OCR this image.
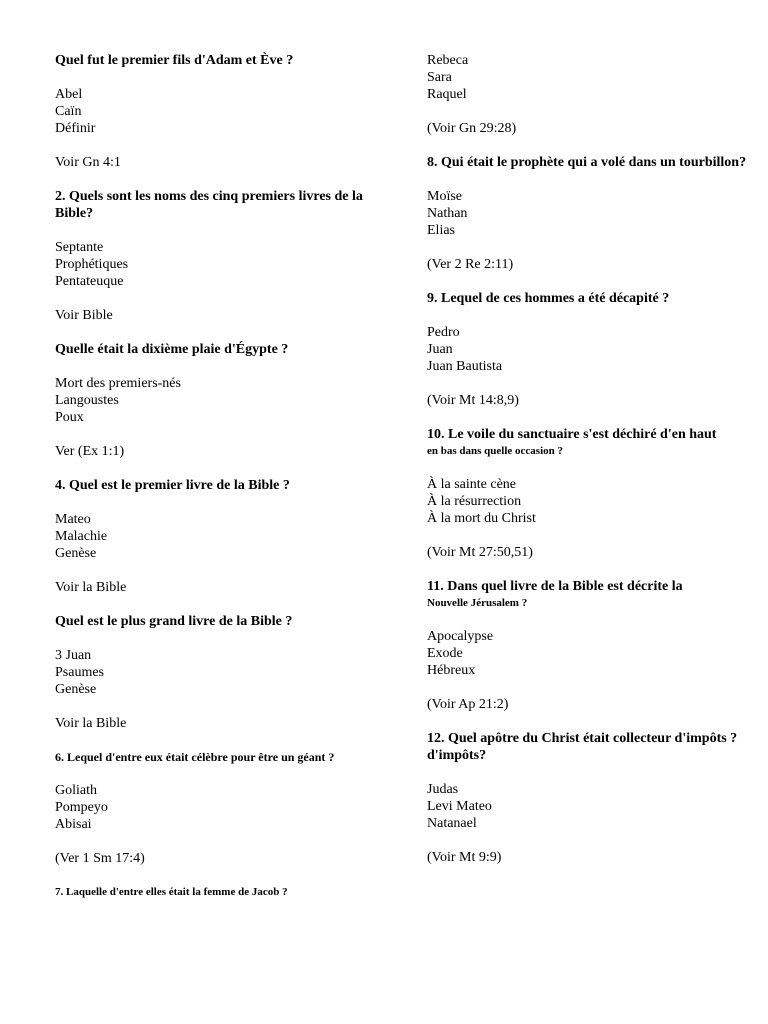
Quel fut le premier fils d'Adam et Ève ?

Abel

Caïn

Définir

Voir Gn 4:1

2. Quels sont les noms des cinq premiers livres de la Bible?

Septante

Prophétiques

Pentateuque

Voir Bible

Quelle était la dixième plaie d'Égypte ?

Mort des premiers-nés

Langoustes

Poux

Ver (Ex 1:1)

4. Quel est le premier livre de la Bible ?

Mateo

Malachie

Genèse

Voir la Bible

Quel est le plus grand livre de la Bible ?

3 Juan

Psaumes

Genèse

Voir la Bible

6. Lequel d'entre eux était célèbre pour être un géant ?

Goliath

Pompeyo

Abisai

(Ver 1 Sm 17:4)

7. Laquelle d'entre elles était la femme de Jacob ?

Rebeca

Sara

Raquel

(Voir Gn 29:28)

8. Qui était le prophète qui a volé dans un tourbillon?

Moïse

Nathan

Elias

(Ver 2 Re 2:11)

9. Lequel de ces hommes a été décapité ?

Pedro

Juan

Juan Bautista

(Voir Mt 14:8,9)

10. Le voile du sanctuaire s'est déchiré d'en haut

en bas dans quelle occasion ?

À la sainte cène

À la résurrection

À la mort du Christ

(Voir Mt 27:50,51)

11. Dans quel livre de la Bible est décrite la

Nouvelle Jérusalem ?

Apocalypse

Exode

Hébreux

(Voir Ap 21:2)

12. Quel apôtre du Christ était collecteur d'impôts ? d'impôts?

Judas

Levi Mateo

Natanael

(Voir Mt 9:9)
